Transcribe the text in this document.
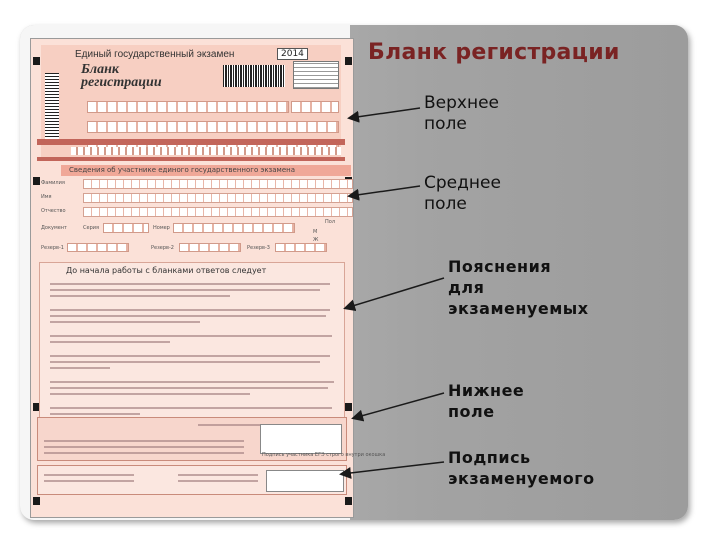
Единый государственный экзамен	2014
Бланк
регистрации
Сведения об участнике единого государственного экзамена
Фамилия
Имя
Отчество
Документ	Серия	Номер
Пол
М
Ж
Резерв-1	Резерв-2	Резерв-3
До начала работы с бланками ответов следует
Подпись участника ЕГЭ строго внутри окошка
Бланк регистрации
Верхнее
поле
Среднее
поле
Пояснения
для
экзаменуемых
Нижнее
поле
Подпись
экзаменуемого
